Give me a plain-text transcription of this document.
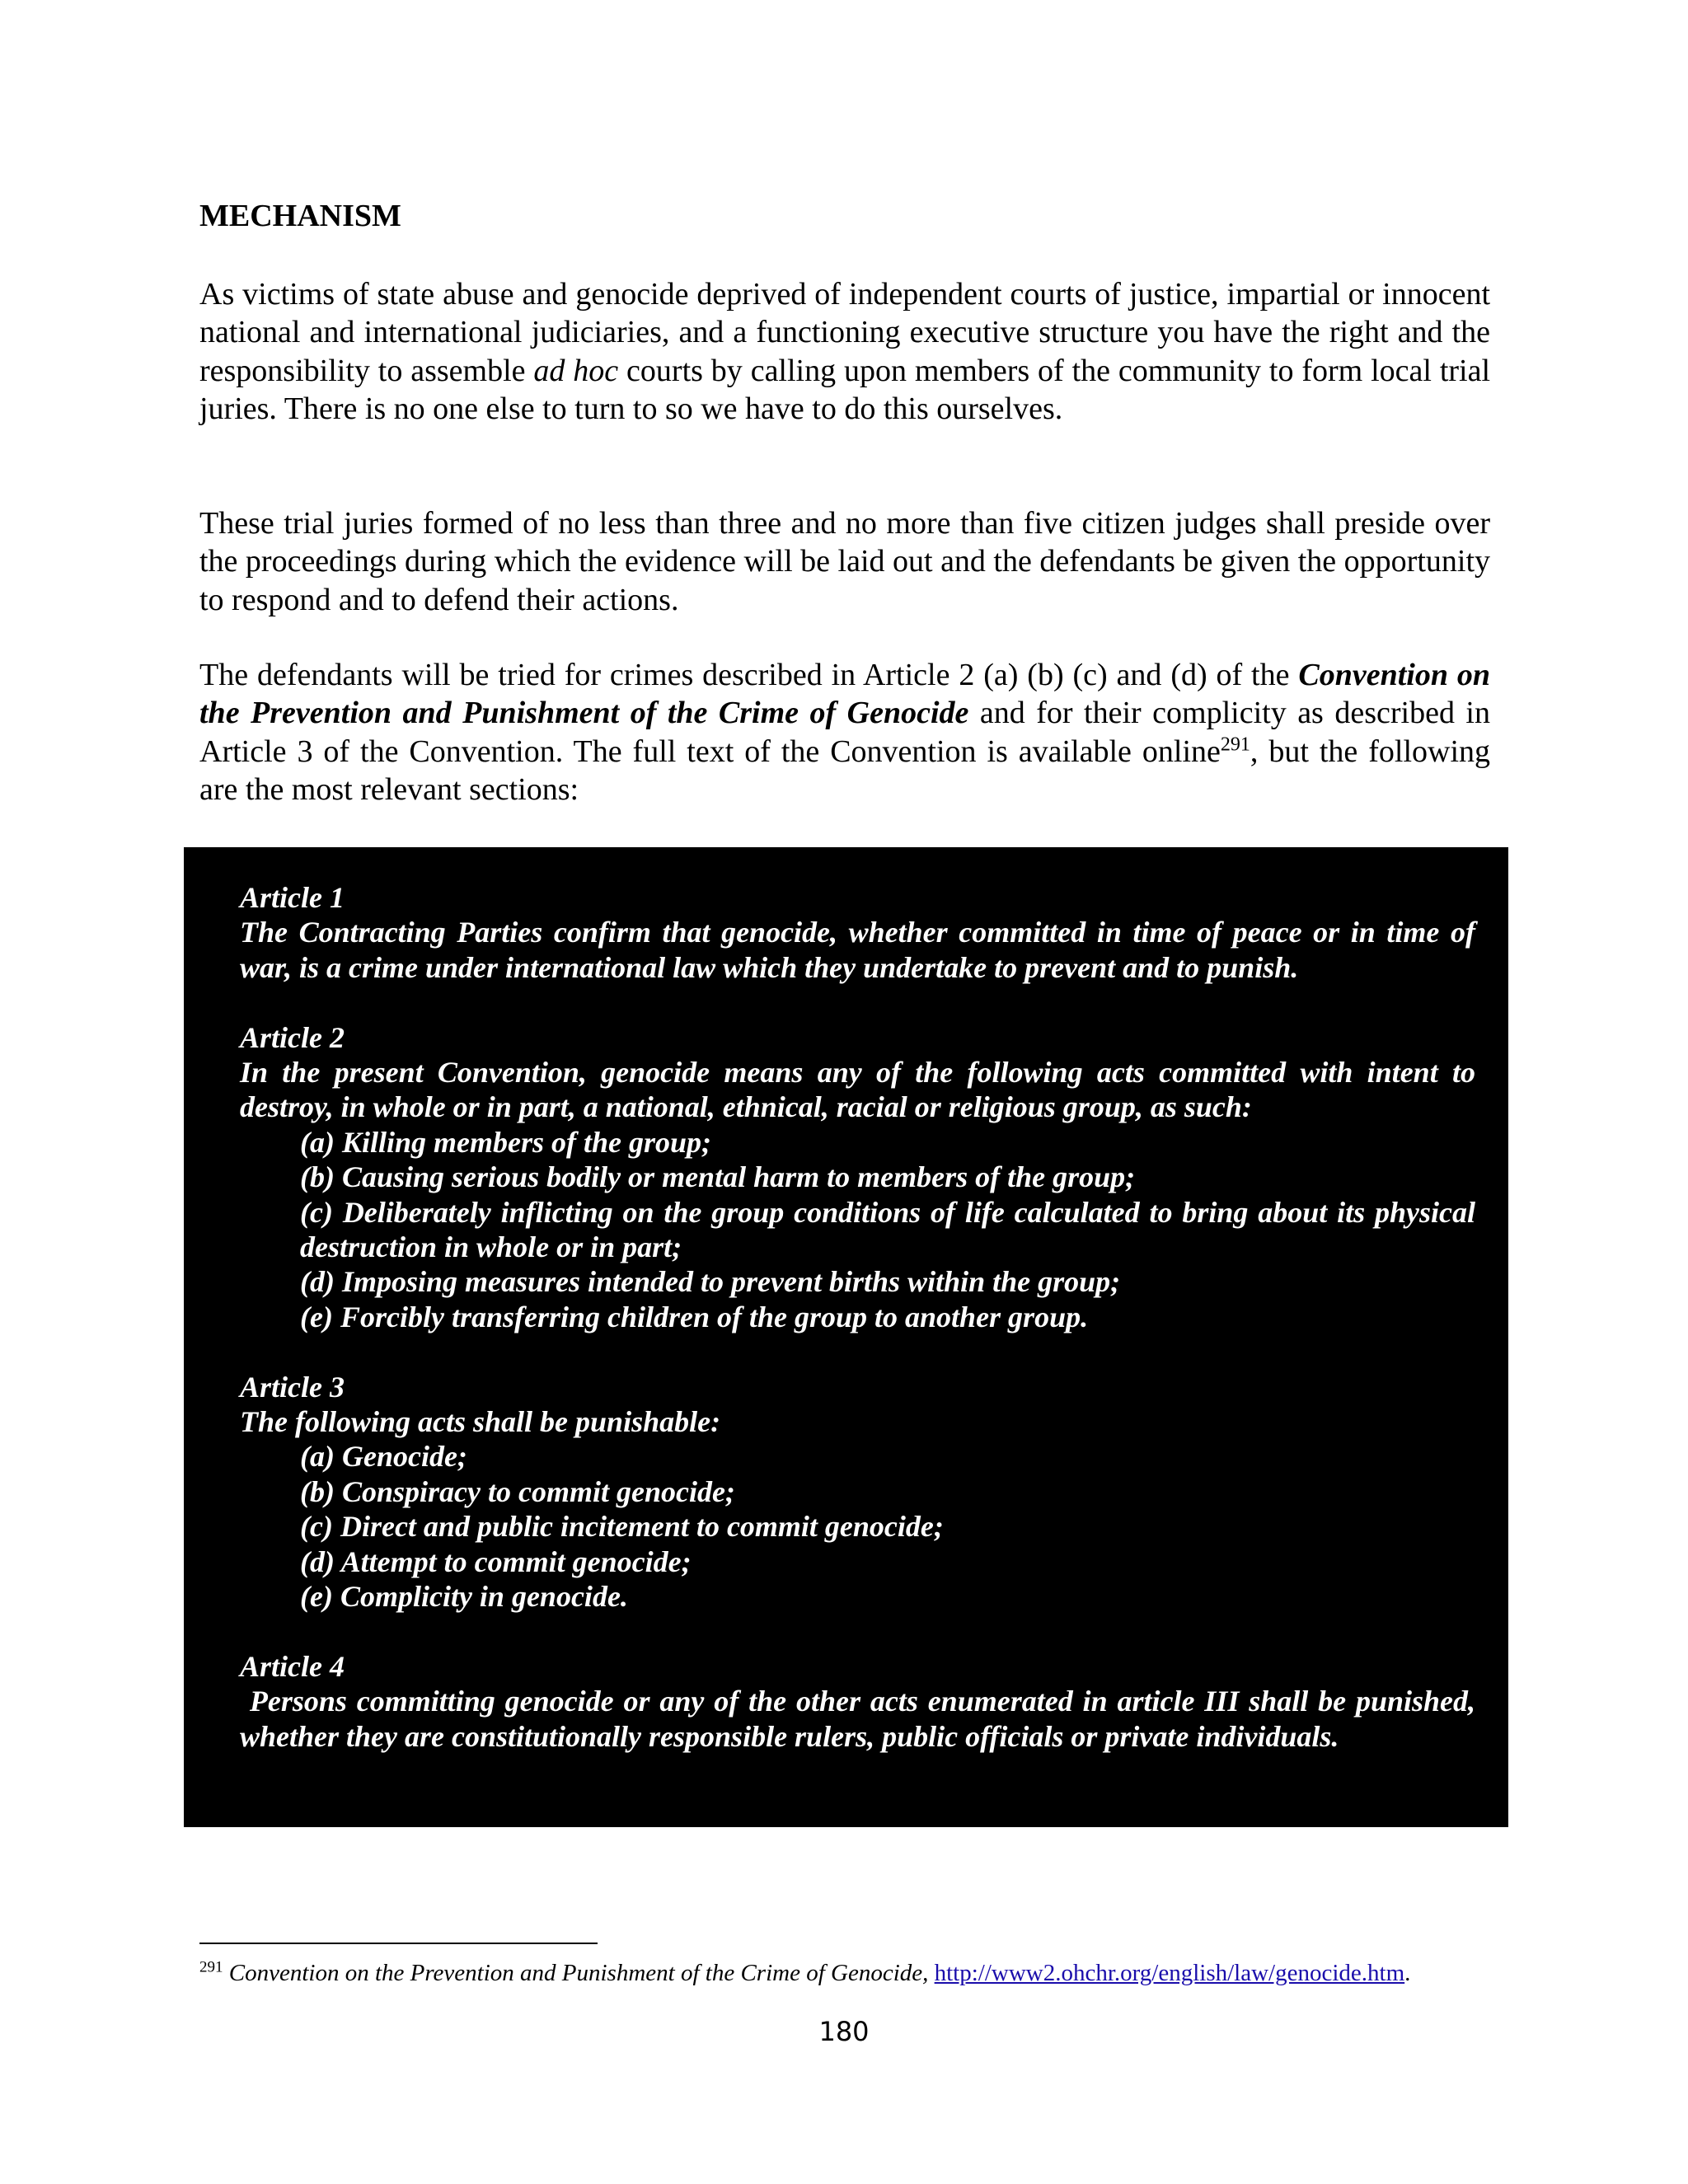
MECHANISM

As victims of state abuse and genocide deprived of independent courts of justice, impartial or innocent national and international judiciaries, and a functioning executive structure you have the right and the responsibility to assemble ad hoc courts by calling upon members of the community to form local trial juries. There is no one else to turn to so we have to do this ourselves.

These trial juries formed of no less than three and no more than five citizen judges shall preside over the proceedings during which the evidence will be laid out and the defendants be given the opportunity to respond and to defend their actions.

The defendants will be tried for crimes described in Article 2 (a) (b) (c) and (d) of the Convention on the Prevention and Punishment of the Crime of Genocide and for their complicity as described in Article 3 of the Convention. The full text of the Convention is available online$^{291}$, but the following are the most relevant sections:

Article 1

The Contracting Parties confirm that genocide, whether committed in time of peace or in time of war, is a crime under international law which they undertake to prevent and to punish.

Article 2

In the present Convention, genocide means any of the following acts committed with intent to destroy, in whole or in part, a national, ethnical, racial or religious group, as such:

(a) Killing members of the group;
(b) Causing serious bodily or mental harm to members of the group;
(c) Deliberately inflicting on the group conditions of life calculated to bring about its physical destruction in whole or in part;
(d) Imposing measures intended to prevent births within the group;
(e) Forcibly transferring children of the group to another group.

Article 3

The following acts shall be punishable:

(a) Genocide;
(b) Conspiracy to commit genocide;
(c) Direct and public incitement to commit genocide;
(d) Attempt to commit genocide;
(e) Complicity in genocide.

Article 4

Persons committing genocide or any of the other acts enumerated in article III shall be punished, whether they are constitutionally responsible rulers, public officials or private individuals.

$^{291}$ Convention on the Prevention and Punishment of the Crime of Genocide, http://www2.ohchr.org/english/law/genocide.htm.

180
